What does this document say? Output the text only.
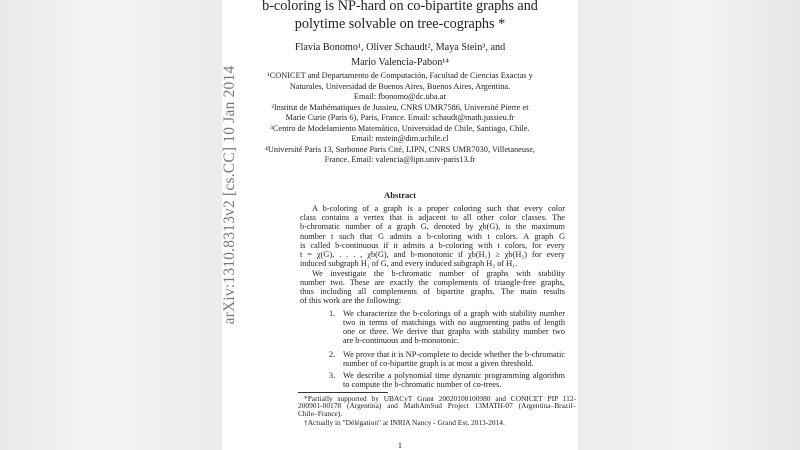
b-coloring is NP-hard on co-bipartite graphs and
polytime solvable on tree-cographs *
Flavia Bonomo¹, Oliver Schaudt², Maya Stein³, and
Mario Valencia-Pabon¹⁴
¹CONICET and Departamento de Computación, Facultad de Ciencias Exactas y
Naturales, Universidad de Buenos Aires, Buenos Aires, Argentina.
Email: fbonomo@dc.uba.ar
²Institut de Mathématiques de Jussieu, CNRS UMR7586, Université Pierre et
Marie Curie (Paris 6), Paris, France. Email: schaudt@math.jussieu.fr
³Centro de Modelamiento Matemático, Universidad de Chile, Santiago, Chile.
Email: mstein@dim.uchile.cl
⁴Université Paris 13, Sorbonne Paris Cité, LIPN, CNRS UMR7030, Villetaneuse,
France. Email: valencia@lipn.univ-paris13.fr
Abstract
A b-coloring of a graph is a proper coloring such that every color
class contains a vertex that is adjacent to all other color classes. The
b-chromatic number of a graph G, denoted by χb(G), is the maximum
number t such that G admits a b-coloring with t colors. A graph G
is called b-continuous if it admits a b-coloring with t colors, for every
t = χ(G), . . . , χb(G), and b-monotonic if χb(H₁) ≥ χb(H₂) for every
induced subgraph H₁ of G, and every induced subgraph H₂ of H₁.
We investigate the b-chromatic number of graphs with stability
number two. These are exactly the complements of triangle-free graphs,
thus including all complements of bipartite graphs. The main results
of this work are the following:
1. We characterize the b-colorings of a graph with stability number
two in terms of matchings with no augmenting paths of length
one or three. We derive that graphs with stability number two
are b-continuous and b-monotonic.
2. We prove that it is NP-complete to decide whether the b-chromatic
number of co-bipartite graph is at most a given threshold.
3. We describe a polynomial time dynamic programming algorithm
to compute the b-chromatic number of co-trees.
*Partially supported by UBACyT Grant 20020100100980 and CONICET PIP 112-
200901-00178 (Argentina) and MathAmSud Project 13MATH-07 (Argentina–Brazil–
Chile–France).
†Actually in "Délégation" at INRIA Nancy - Grand Est, 2013-2014.
1
arXiv:1310.8313v2 [cs.CC] 10 Jan 2014
